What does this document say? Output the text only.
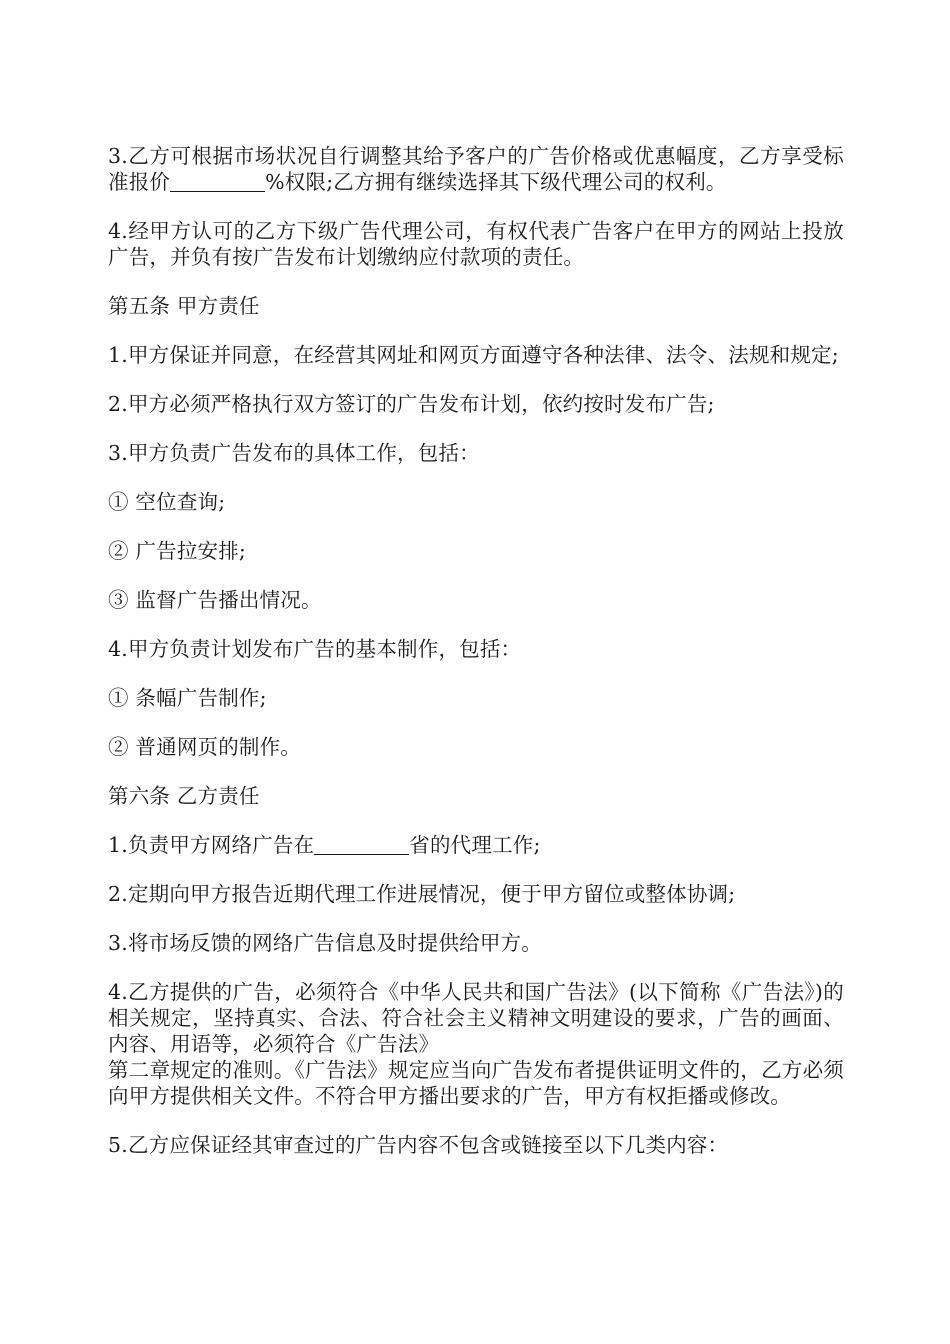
3.乙方可根据市场状况自行调整其给予客户的广告价格或优惠幅度，乙方享受标准报价	%权限;乙方拥有继续选择其下级代理公司的权利。

4.经甲方认可的乙方下级广告代理公司，有权代表广告客户在甲方的网站上投放广告，并负有按广告发布计划缴纳应付款项的责任。

第五条 甲方责任

1.甲方保证并同意，在经营其网址和网页方面遵守各种法律、法令、法规和规定;

2.甲方必须严格执行双方签订的广告发布计划，依约按时发布广告;

3.甲方负责广告发布的具体工作，包括：

① 空位查询;

② 广告拉安排;

③ 监督广告播出情况。

4.甲方负责计划发布广告的基本制作，包括：

① 条幅广告制作;

② 普通网页的制作。

第六条 乙方责任

1.负责甲方网络广告在	省的代理工作;

2.定期向甲方报告近期代理工作进展情况，便于甲方留位或整体协调;

3.将市场反馈的网络广告信息及时提供给甲方。

4.乙方提供的广告，必须符合《中华人民共和国广告法》(以下简称《广告法》)的相关规定，坚持真实、合法、符合社会主义精神文明建设的要求，广告的画面、内容、用语等，必须符合《广告法》

第二章规定的准则。《广告法》规定应当向广告发布者提供证明文件的，乙方必须向甲方提供相关文件。不符合甲方播出要求的广告，甲方有权拒播或修改。

5.乙方应保证经其审查过的广告内容不包含或链接至以下几类内容：
